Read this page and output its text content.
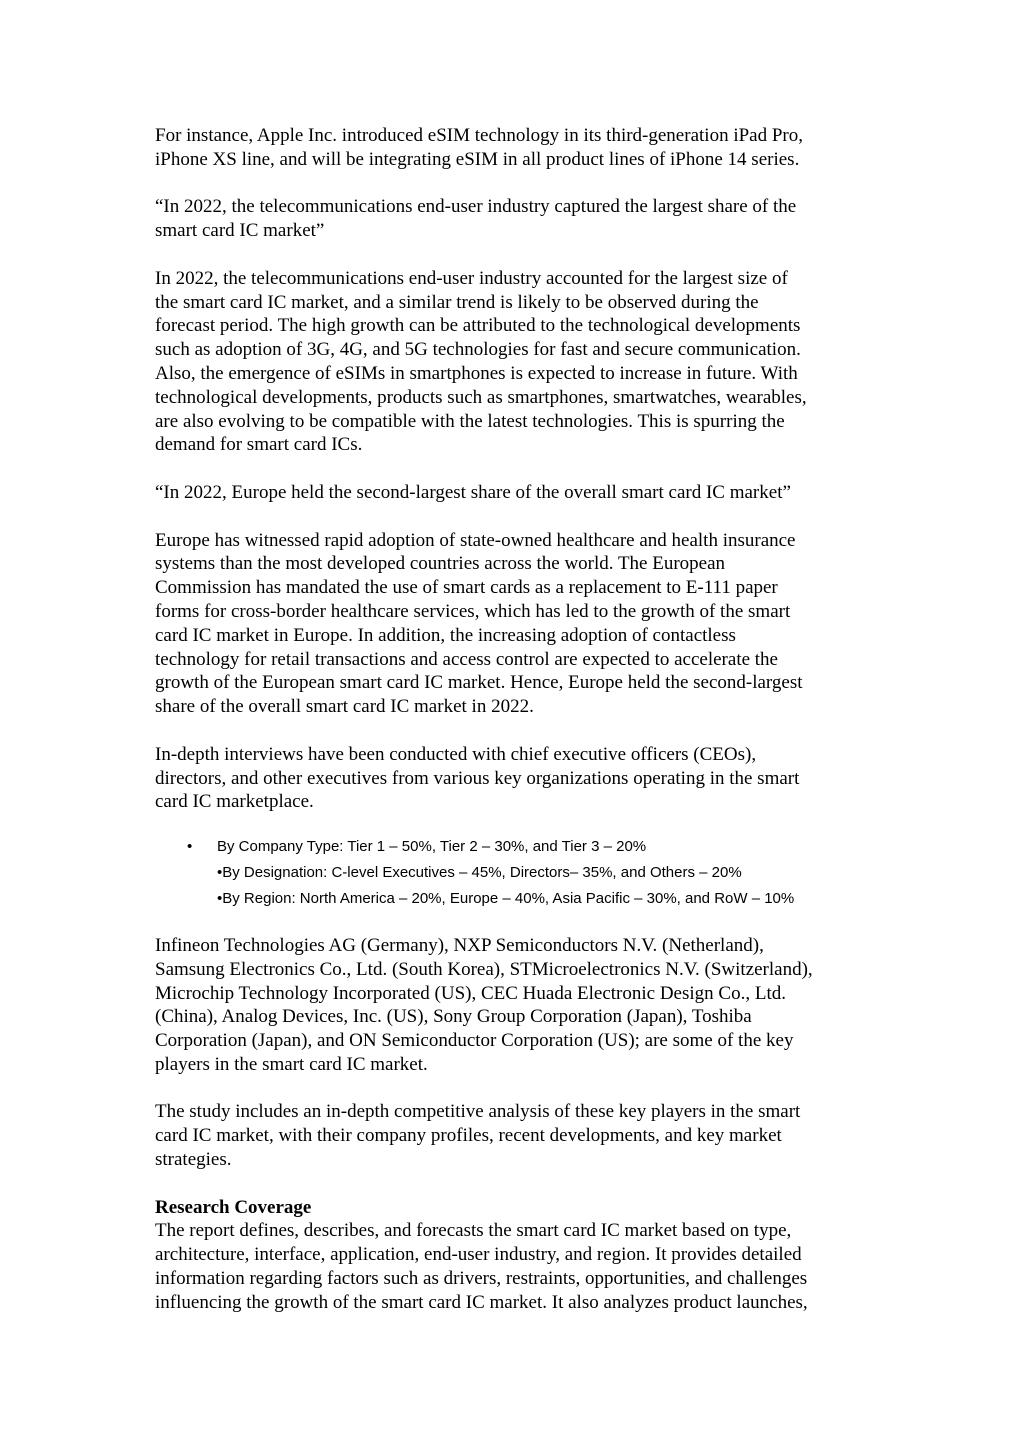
For instance, Apple Inc. introduced eSIM technology in its third-generation iPad Pro,
iPhone XS line, and will be integrating eSIM in all product lines of iPhone 14 series.

“In 2022, the telecommunications end-user industry captured the largest share of the
smart card IC market”

In 2022, the telecommunications end-user industry accounted for the largest size of
the smart card IC market, and a similar trend is likely to be observed during the
forecast period. The high growth can be attributed to the technological developments
such as adoption of 3G, 4G, and 5G technologies for fast and secure communication.
Also, the emergence of eSIMs in smartphones is expected to increase in future. With
technological developments, products such as smartphones, smartwatches, wearables,
are also evolving to be compatible with the latest technologies. This is spurring the
demand for smart card ICs.

“In 2022, Europe held the second-largest share of the overall smart card IC market”

Europe has witnessed rapid adoption of state-owned healthcare and health insurance
systems than the most developed countries across the world. The European
Commission has mandated the use of smart cards as a replacement to E-111 paper
forms for cross-border healthcare services, which has led to the growth of the smart
card IC market in Europe. In addition, the increasing adoption of contactless
technology for retail transactions and access control are expected to accelerate the
growth of the European smart card IC market. Hence, Europe held the second-largest
share of the overall smart card IC market in 2022.

In-depth interviews have been conducted with chief executive officers (CEOs),
directors, and other executives from various key organizations operating in the smart
card IC marketplace.

• By Company Type: Tier 1 – 50%, Tier 2 – 30%, and Tier 3 – 20%
•By Designation: C-level Executives – 45%, Directors– 35%, and Others – 20%
•By Region: North America – 20%, Europe – 40%, Asia Pacific – 30%, and RoW – 10%

Infineon Technologies AG (Germany), NXP Semiconductors N.V. (Netherland),
Samsung Electronics Co., Ltd. (South Korea), STMicroelectronics N.V. (Switzerland),
Microchip Technology Incorporated (US), CEC Huada Electronic Design Co., Ltd.
(China), Analog Devices, Inc. (US), Sony Group Corporation (Japan), Toshiba
Corporation (Japan), and ON Semiconductor Corporation (US); are some of the key
players in the smart card IC market.

The study includes an in-depth competitive analysis of these key players in the smart
card IC market, with their company profiles, recent developments, and key market
strategies.

Research Coverage

The report defines, describes, and forecasts the smart card IC market based on type,
architecture, interface, application, end-user industry, and region. It provides detailed
information regarding factors such as drivers, restraints, opportunities, and challenges
influencing the growth of the smart card IC market. It also analyzes product launches,
